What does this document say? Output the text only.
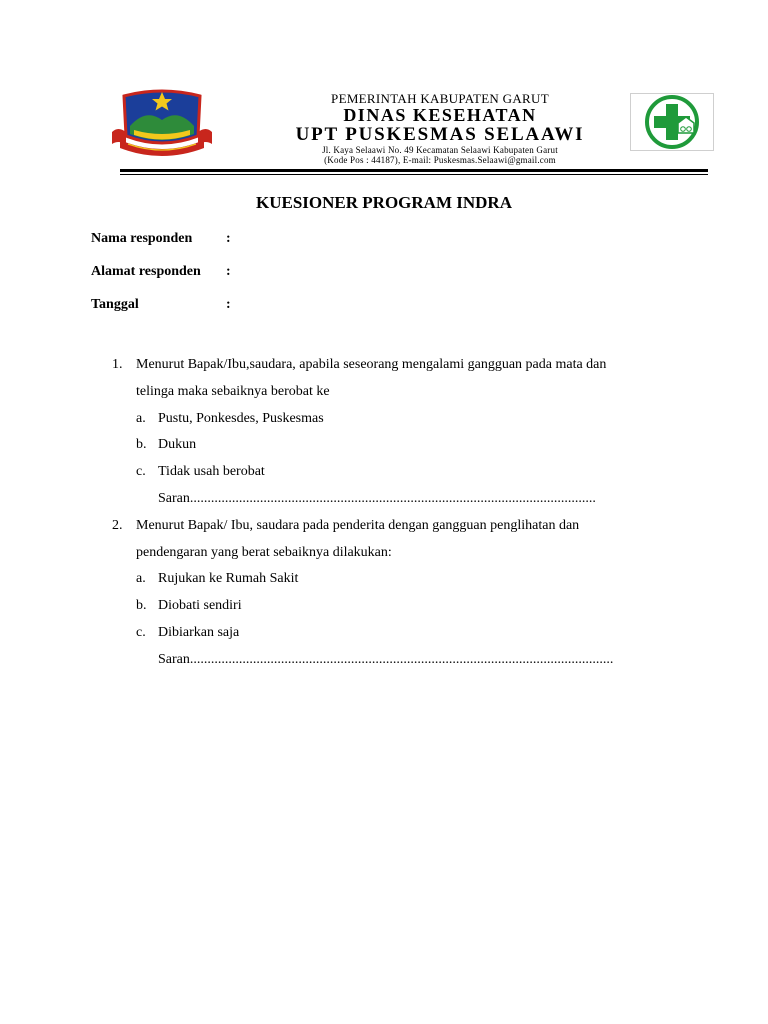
PEMERINTAH KABUPATEN GARUT
DINAS KESEHATAN
UPT PUSKESMAS SELAAWI
Jl. Kaya Selaawi No. 49 Kecamatan Selaawi Kabupaten Garut
(Kode Pos : 44187), E-mail: Puskesmas.Selaawi@gmail.com
KUESIONER PROGRAM INDRA
Nama responden :
Alamat responden :
Tanggal	:
1. Menurut Bapak/Ibu,saudara, apabila seseorang mengalami gangguan pada mata dan
telinga maka sebaiknya berobat ke
a. Pustu, Ponkesdes, Puskesmas
b. Dukun
c. Tidak usah berobat
Saran....................................................................................................................
2. Menurut Bapak/ Ibu, saudara pada penderita dengan gangguan penglihatan dan
pendengaran yang berat sebaiknya dilakukan:
a. Rujukan ke Rumah Sakit
b. Diobati sendiri
c. Dibiarkan saja
Saran.........................................................................................................................
